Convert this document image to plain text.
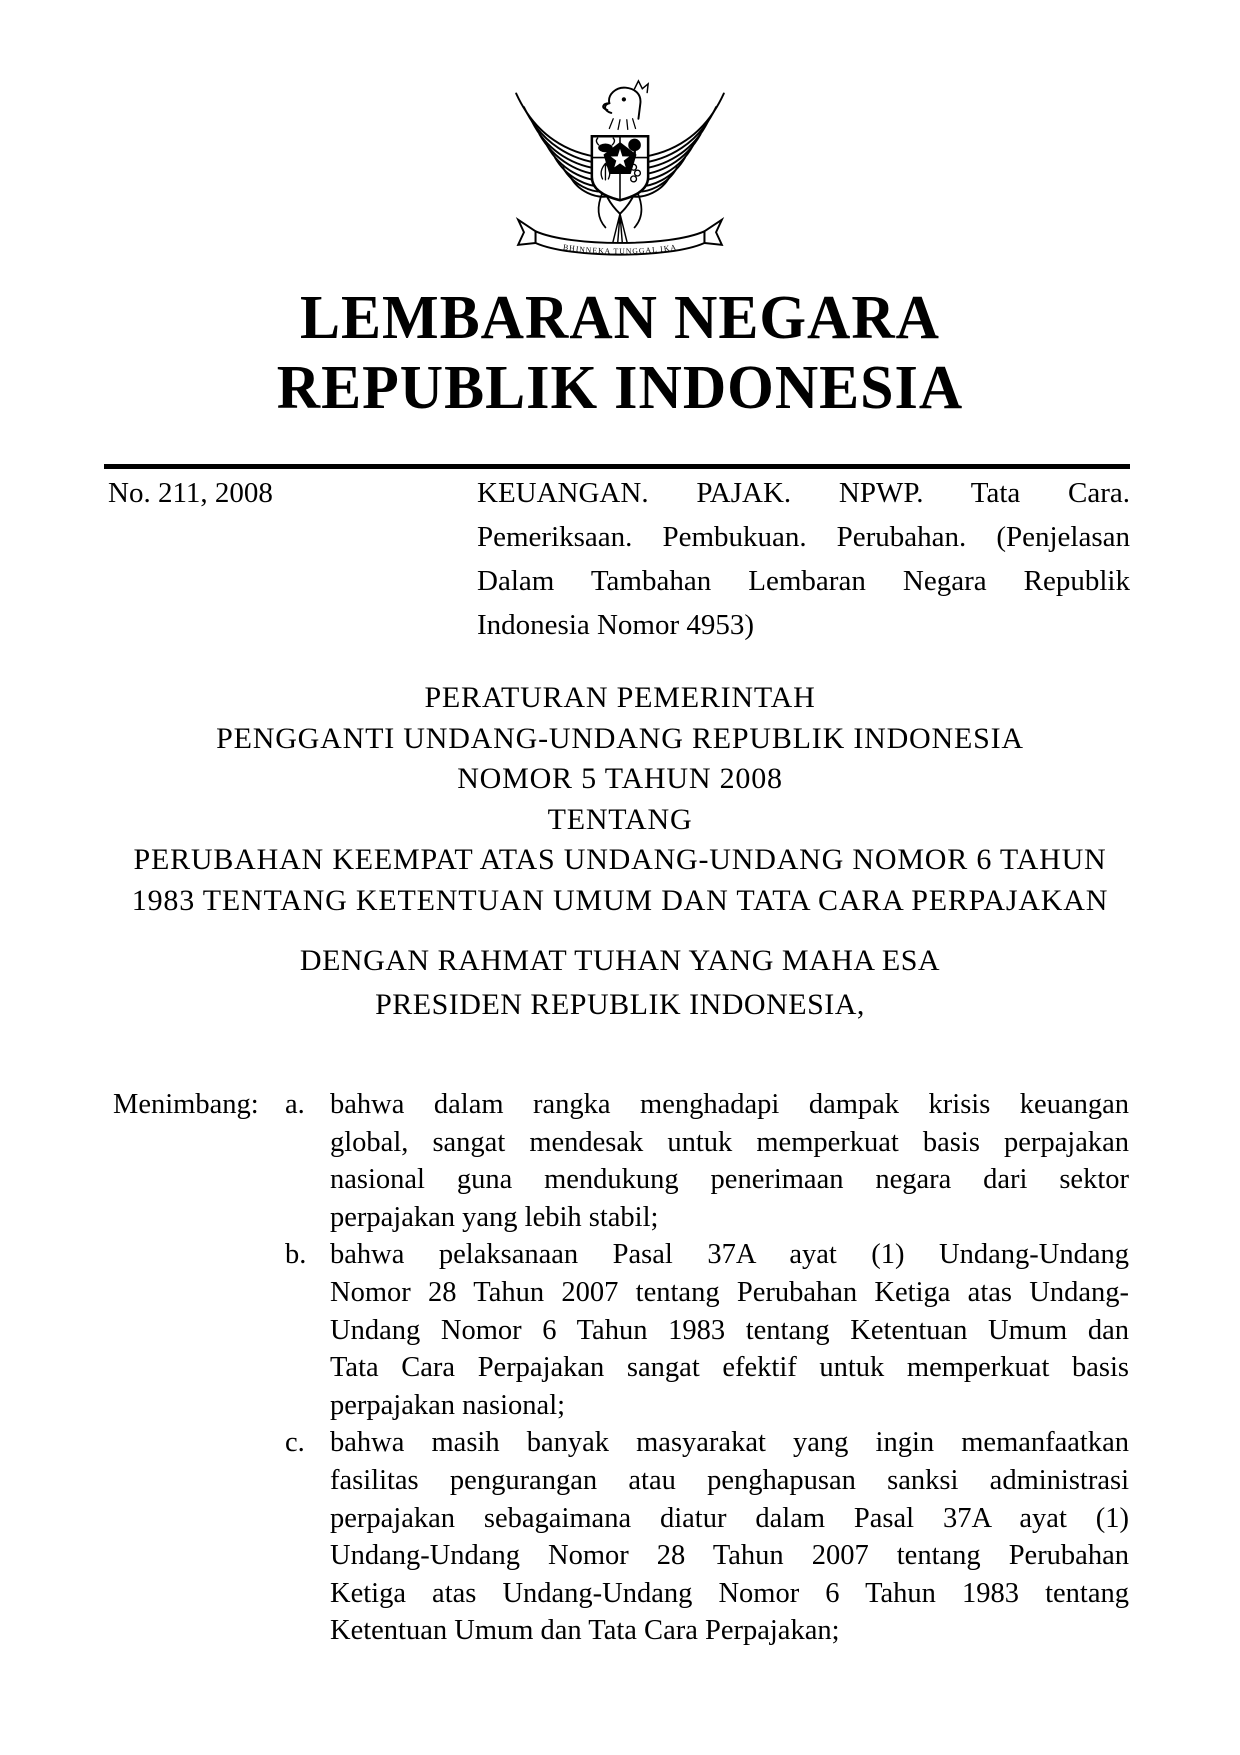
BHINNEKA TUNGGAL IKA
LEMBARAN NEGARA
REPUBLIK INDONESIA
No. 211, 2008	KEUANGAN. PAJAK. NPWP. Tata Cara.
Pemeriksaan. Pembukuan. Perubahan. (Penjelasan
Dalam Tambahan Lembaran Negara Republik
Indonesia Nomor 4953)
PERATURAN PEMERINTAH
PENGGANTI UNDANG-UNDANG REPUBLIK INDONESIA
NOMOR 5 TAHUN 2008
TENTANG
PERUBAHAN KEEMPAT ATAS UNDANG-UNDANG NOMOR 6 TAHUN
1983 TENTANG KETENTUAN UMUM DAN TATA CARA PERPAJAKAN
DENGAN RAHMAT TUHAN YANG MAHA ESA
PRESIDEN REPUBLIK INDONESIA,
Menimbang: a. bahwa dalam rangka menghadapi dampak krisis keuangan
global, sangat mendesak untuk memperkuat basis perpajakan
nasional guna mendukung penerimaan negara dari sektor
perpajakan yang lebih stabil;
b. bahwa pelaksanaan Pasal 37A ayat (1) Undang-Undang
Nomor 28 Tahun 2007 tentang Perubahan Ketiga atas Undang-
Undang Nomor 6 Tahun 1983 tentang Ketentuan Umum dan
Tata Cara Perpajakan sangat efektif untuk memperkuat basis
perpajakan nasional;
c. bahwa masih banyak masyarakat yang ingin memanfaatkan
fasilitas pengurangan atau penghapusan sanksi administrasi
perpajakan sebagaimana diatur dalam Pasal 37A ayat (1)
Undang-Undang Nomor 28 Tahun 2007 tentang Perubahan
Ketiga atas Undang-Undang Nomor 6 Tahun 1983 tentang
Ketentuan Umum dan Tata Cara Perpajakan;
